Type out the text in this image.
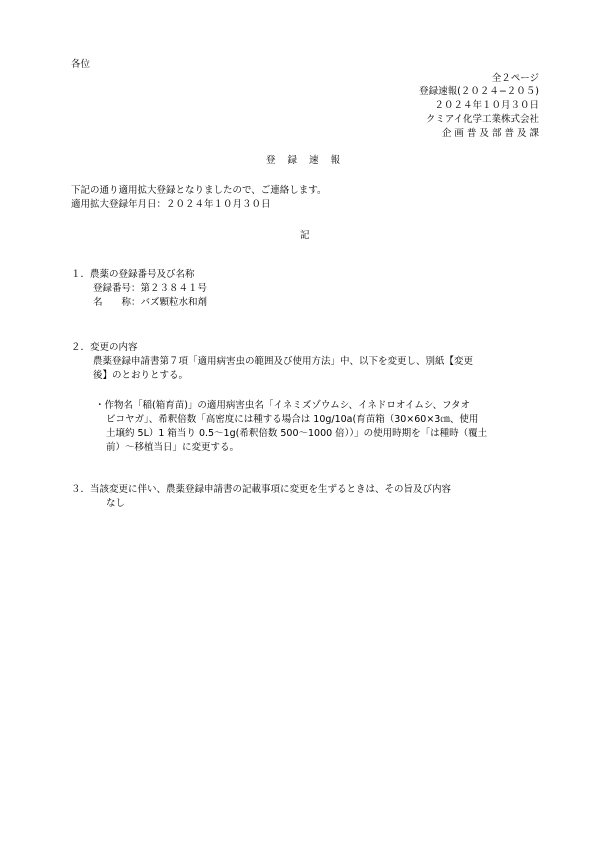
各位
全２ページ
登録速報(２０２４−２０５)
２０２４年１０月３０日
クミアイ化学工業株式会社
企 画 普 及 部 普 及 課
登録速報
下記の通り適用拡大登録となりましたので、ご連絡します。
適用拡大登録年月日：２０２４年１０月３０日
記
１．農薬の登録番号及び名称
登録番号：第２３８４１号
名　　称：バズ顆粒水和剤
２．変更の内容
農薬登録申請書第７項「適用病害虫の範囲及び使用方法」中、以下を変更し、別紙【変更
後】のとおりとする。
・作物名「稲(箱育苗)」の適用病害虫名「イネミズゾウムシ、イネドロオイムシ、フタオ
ビコヤガ」、希釈倍数「高密度には種する場合は 10g/10a(育苗箱（30×60×3㎝、使用
土壌約 5L）1 箱当り 0.5～1g(希釈倍数 500～1000 倍））」の使用時期を「は種時（覆土
前）～移植当日」に変更する。
３．当該変更に伴い、農薬登録申請書の記載事項に変更を生ずるときは、その旨及び内容
なし
